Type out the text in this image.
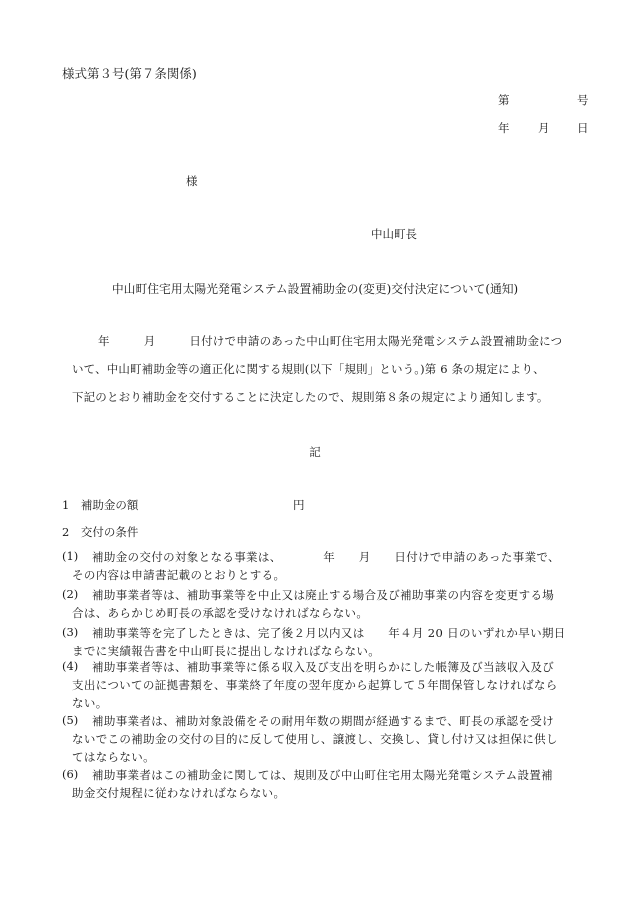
様式第３号(第７条関係)
第	号
年 月 日
様
中山町長
中山町住宅用太陽光発電システム設置補助金の(変更)交付決定について(通知)
年	月	日付けで申請のあった中山町住宅用太陽光発電システム設置補助金につ
いて、中山町補助金等の適正化に関する規則(以下「規則」という。)第 6 条の規定により、
下記のとおり補助金を交付することに決定したので、規則第８条の規定により通知します。
記
1　補助金の額	円
2　交付の条件
(1) 補助金の交付の対象となる事業は、　　　　年　　月　　日付けで申請のあった事業で、
その内容は申請書記載のとおりとする。
(2) 補助事業者等は、補助事業等を中止又は廃止する場合及び補助事業の内容を変更する場
合は、あらかじめ町長の承認を受けなければならない。
(3) 補助事業等を完了したときは、完了後２月以内又は　　年４月 20 日のいずれか早い期日
までに実績報告書を中山町長に提出しなければならない。
(4) 補助事業者等は、補助事業等に係る収入及び支出を明らかにした帳簿及び当該収入及び
支出についての証拠書類を、事業終了年度の翌年度から起算して５年間保管しなければなら
ない。
(5) 補助事業者は、補助対象設備をその耐用年数の期間が経過するまで、町長の承認を受け
ないでこの補助金の交付の目的に反して使用し、譲渡し、交換し、貸し付け又は担保に供し
てはならない。
(6) 補助事業者はこの補助金に関しては、規則及び中山町住宅用太陽光発電システム設置補
助金交付規程に従わなければならない。
